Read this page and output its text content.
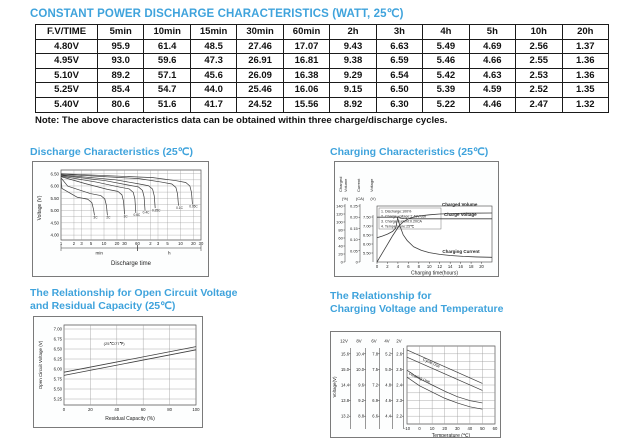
CONSTANT POWER DISCHARGE CHARACTERISTICS (WATT, 25℃)
F.V/TIME	5min	10min	15min	30min	60min	2h	3h	4h	5h	10h	20h
4.80V	95.9	61.4	48.5	27.46	17.07	9.43	6.63	5.49	4.69	2.56	1.37
4.95V	93.0	59.6	47.3	26.91	16.81	9.38	6.59	5.46	4.66	2.55	1.36
5.10V	89.2	57.1	45.6	26.09	16.38	9.29	6.54	5.42	4.63	2.53	1.36
5.25V	85.4	54.7	44.0	25.46	16.06	9.15	6.50	5.39	4.59	2.52	1.35
5.40V	80.6	51.6	41.7	24.52	15.56	8.92	6.30	5.22	4.46	2.47	1.32
Note: The above characteristics data can be obtained within three charge/discharge cycles.
Discharge Characteristics (25℃)	Charging Characteristics (25℃)
6.50
6.00
5.50
5.00
4.50
4.00
1	2 3 5 10 20 30 60 2 3 5 10 20 30
Voltage (V)
min	h
Discharge time
3C	2C	1C 0.6C
0.4C
0.25C
0.1C 0.05C
Charged Volume
(%)
140
120
100
80
60
40
20
0
Current
(CA)
0.25
0.20
0.15
0.10
0.05
0
Voltage
(V)
7.50
7.00
6.50
6.00
5.50
0 2 4 6 8 10 12 14 16 18 20
Charging time(hours)
1. Discharge:100%
2. Charge voltage:2.40V/cell
3. Charge current:0.20CA
4. Temperature:25℃
Charged Volume
Charge Voltage
Charging Current
The Relationship for Open Circuit Voltage
and Residual Capacity (25℃)
The Relationship for
Charging Voltage and Temperature
7.00
6.75
6.50
6.25
6.00
5.75
5.50
5.25
0	20	40	60	80	100
Open Circuit Voltage (V)
Residual Capacity (%)
(25℃/77℉)
Voltage(V)
12V 8V 6V 4V 2V
15.6
15.0
14.4
13.8
13.2
10.4
10.0
9.6
9.2
8.8
7.8
7.5
7.2
6.9
6.6
5.2
5.0
4.8
4.6
4.4
2.6
2.5
2.4
2.3
2.2
-10 0 10 20 30 40 50 60
Temperature (℃)
Cycle Use
Floating Use
